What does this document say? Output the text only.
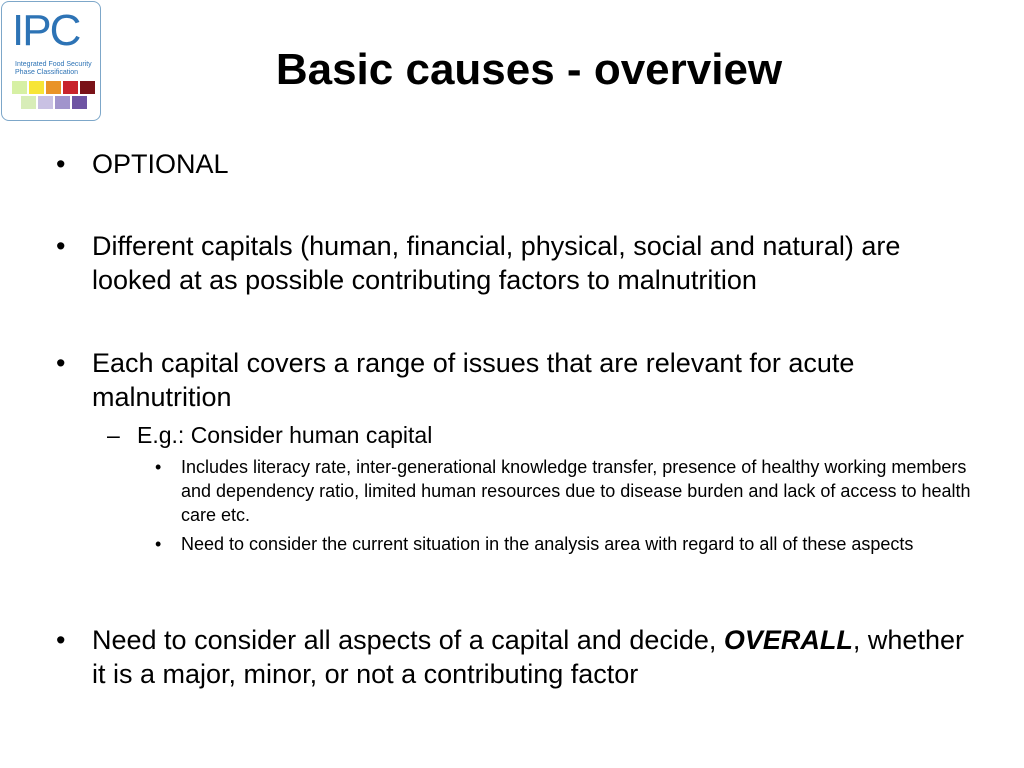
IPC
Integrated Food Security
Phase Classification	Basic causes - overview
• OPTIONAL
• Different capitals (human, financial, physical, social and natural) are looked at as possible contributing factors to malnutrition
• Each capital covers a range of issues that are relevant for acute malnutrition
– E.g.: Consider human capital
• Includes literacy rate, inter-generational knowledge transfer, presence of healthy working members and dependency ratio, limited human resources due to disease burden and lack of access to health care etc.
• Need to consider the current situation in the analysis area with regard to all of these aspects
• Need to consider all aspects of a capital and decide, OVERALL, whether it is a major, minor, or not a contributing factor
